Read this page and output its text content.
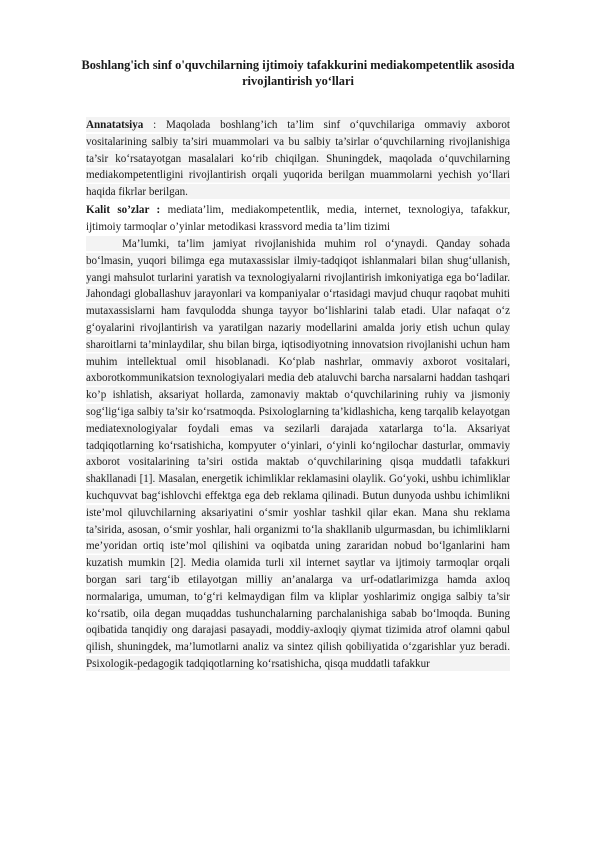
Boshlang'ich sinf o'quvchilarning ijtimoiy tafakkurini mediakompetentlik asosida rivojlantirish yo‘llari
Annatatsiya : Maqolada boshlang’ich ta’lim sinf o‘quvchilariga ommaviy axborot vositalarining salbiy ta’siri muammolari va bu salbiy ta’sirlar o‘quvchilarning rivojlanishiga ta’sir ko‘rsatayotgan masalalari ko‘rib chiqilgan. Shuningdek, maqolada o‘quvchilarning mediakompetentligini rivojlantirish orqali yuqorida berilgan muammolarni yechish yo‘llari haqida fikrlar berilgan.
Kalit so’zlar : mediata’lim, mediakompetentlik, media, internet, texnologiya, tafakkur, ijtimoiy tarmoqlar o’yinlar metodikasi krassvord media ta’lim tizimi
Ma’lumki, ta’lim jamiyat rivojlanishida muhim rol o‘ynaydi. Qanday sohada bo‘lmasin, yuqori bilimga ega mutaxassislar ilmiy-tadqiqot ishlanmalari bilan shug‘ullanish, yangi mahsulot turlarini yaratish va texnologiyalarni rivojlantirish imkoniyatiga ega bo‘ladilar. Jahondagi globallashuv jarayonlari va kompaniyalar o‘rtasidagi mavjud chuqur raqobat muhiti mutaxassislarni ham favqulodda shunga tayyor bo‘lishlarini talab etadi. Ular nafaqat o‘z g‘oyalarini rivojlantirish va yaratilgan nazariy modellarini amalda joriy etish uchun qulay sharoitlarni ta’minlaydilar, shu bilan birga, iqtisodiyotning innovatsion rivojlanishi uchun ham muhim intellektual omil hisoblanadi. Ko‘plab nashrlar, ommaviy axborot vositalari, axborotkommunikatsion texnologiyalari media deb ataluvchi barcha narsalarni haddan tashqari ko’p ishlatish, aksariyat hollarda, zamonaviy maktab o‘quvchilarining ruhiy va jismoniy sog‘lig‘iga salbiy ta’sir ko‘rsatmoqda. Psixologlarning ta’kidlashicha, keng tarqalib kelayotgan mediatexnologiyalar foydali emas va sezilarli darajada xatarlarga to‘la. Aksariyat tadqiqotlarning ko‘rsatishicha, kompyuter o‘yinlari, o‘yinli ko‘ngilochar dasturlar, ommaviy axborot vositalarining ta’siri ostida maktab o‘quvchilarining qisqa muddatli tafakkuri shakllanadi [1]. Masalan, energetik ichimliklar reklamasini olaylik. Go‘yoki, ushbu ichimliklar kuchquvvat bag‘ishlovchi effektga ega deb reklama qilinadi. Butun dunyoda ushbu ichimlikni iste’mol qiluvchilarning aksariyatini o‘smir yoshlar tashkil qilar ekan. Mana shu reklama ta’sirida, asosan, o‘smir yoshlar, hali organizmi to‘la shakllanib ulgurmasdan, bu ichimliklarni me’yoridan ortiq iste’mol qilishini va oqibatda uning zararidan nobud bo‘lganlarini ham kuzatish mumkin [2]. Media olamida turli xil internet saytlar va ijtimoiy tarmoqlar orqali borgan sari targ‘ib etilayotgan milliy an’analarga va urf-odatlarimizga hamda axloq normalariga, umuman, to‘g‘ri kelmaydigan film va kliplar yoshlarimiz ongiga salbiy ta’sir ko‘rsatib, oila degan muqaddas tushunchalarning parchalanishiga sabab bo‘lmoqda. Buning oqibatida tanqidiy ong darajasi pasayadi, moddiy-axloqiy qiymat tizimida atrof olamni qabul qilish, shuningdek, ma’lumotlarni analiz va sintez qilish qobiliyatida o‘zgarishlar yuz beradi. Psixologik-pedagogik tadqiqotlarning ko‘rsatishicha, qisqa muddatli tafakkur
